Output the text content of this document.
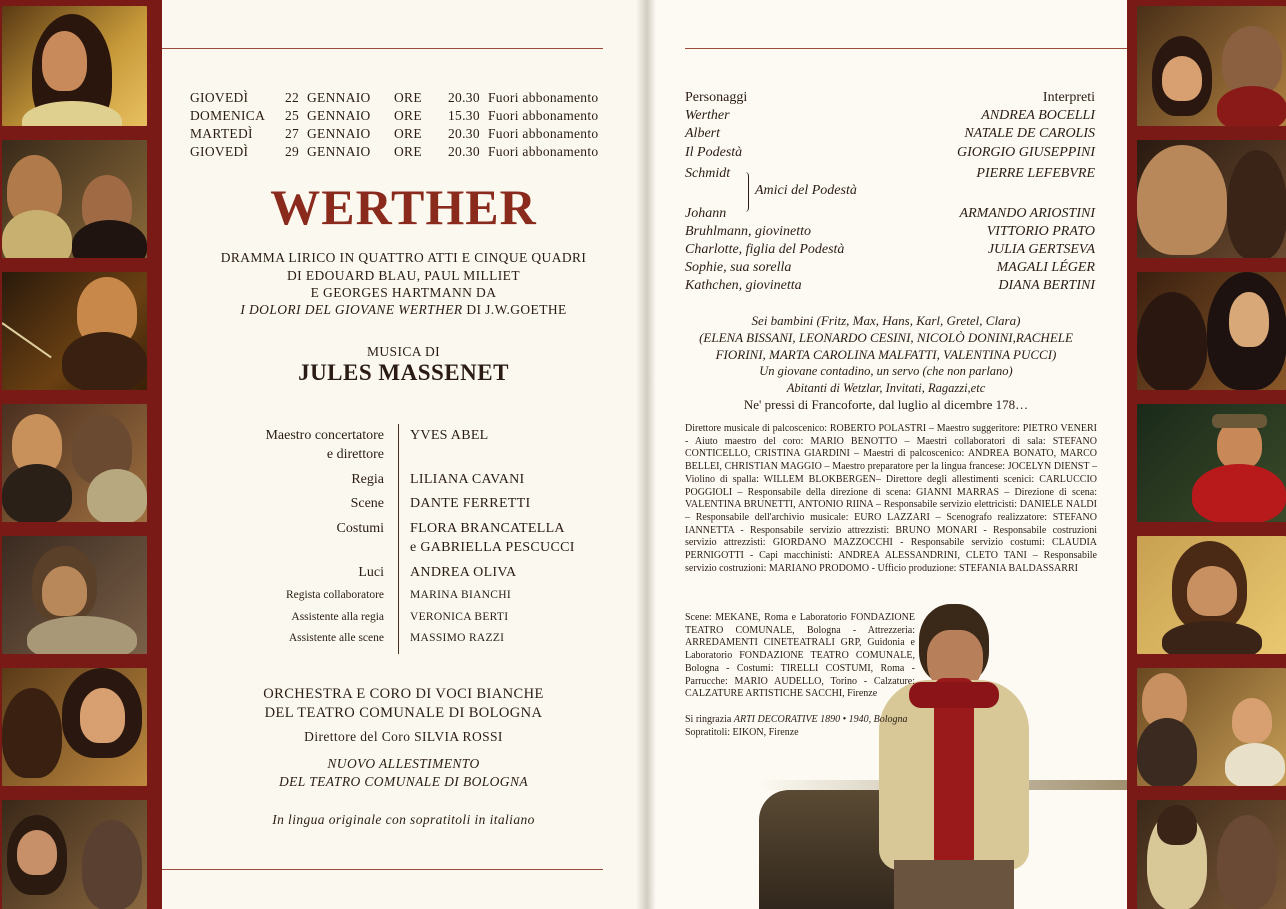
GIOVEDÌ	22 GENNAIO ORE 20.30 Fuori abbonamento
DOMENICA 25 GENNAIO ORE 15.30 Fuori abbonamento
MARTEDÌ 27 GENNAIO ORE 20.30 Fuori abbonamento
GIOVEDÌ	29 GENNAIO ORE 20.30 Fuori abbonamento
WERTHER
DRAMMA LIRICO IN QUATTRO ATTI E CINQUE QUADRI
DI EDOUARD BLAU, PAUL MILLIET
E GEORGES HARTMANN DA
I DOLORI DEL GIOVANE WERTHER DI J.W.GOETHE
MUSICA DI
JULES MASSENET
Maestro concertatore YVES ABEL
e direttore
Regia LILIANA CAVANI
Scene DANTE FERRETTI
Costumi FLORA BRANCATELLA
e GABRIELLA PESCUCCI
Luci ANDREA OLIVA
Regista collaboratore MARINA BIANCHI
Assistente alla regia VERONICA BERTI
Assistente alle scene MASSIMO RAZZI
ORCHESTRA E CORO DI VOCI BIANCHE
DEL TEATRO COMUNALE DI BOLOGNA
Direttore del Coro SILVIA ROSSI
NUOVO ALLESTIMENTO
DEL TEATRO COMUNALE DI BOLOGNA
In lingua originale con sopratitoli in italiano
Personaggi	Interpreti
Werther	ANDREA BOCELLI
Albert	NATALE DE CAROLIS
Il Podestà	GIORGIO GIUSEPPINI
Schmidt	PIERRE LEFEBVRE
Amici del Podestà
Johann	ARMANDO ARIOSTINI
Bruhlmann, giovinetto	VITTORIO PRATO
Charlotte, figlia del Podestà	JULIA GERTSEVA
Sophie, sua sorella	MAGALI LÉGER
Kathchen, giovinetta	DIANA BERTINI
Sei bambini (Fritz, Max, Hans, Karl, Gretel, Clara)
(ELENA BISSANI, LEONARDO CESINI, NICOLÒ DONINI,RACHELE
FIORINI, MARTA CAROLINA MALFATTI, VALENTINA PUCCI)
Un giovane contadino, un servo (che non parlano)
Abitanti di Wetzlar, Invitati, Ragazzi,etc
Ne' pressi di Francoforte, dal luglio al dicembre 178…
Direttore musicale di palcoscenico: ROBERTO POLASTRI – Maestro suggeritore: PIETRO VENERI - Aiuto maestro del coro: MARIO BENOTTO – Maestri collaboratori di sala: STEFANO CONTICELLO, CRISTINA GIARDINI – Maestri di palcoscenico: ANDREA BONATO, MARCO BELLEI, CHRISTIAN MAGGIO – Maestro preparatore per la lingua francese: JOCELYN DIENST – Violino di spalla: WILLEM BLOKBERGEN– Direttore degli allestimenti scenici: CARLUCCIO POGGIOLI – Responsabile della direzione di scena: GIANNI MARRAS – Direzione di scena: VALENTINA BRUNETTI, ANTONIO RIINA – Responsabile servizio elettricisti: DANIELE NALDI – Responsabile dell'archivio musicale: EURO LAZZARI – Scenografo realizzatore: STEFANO IANNETTA - Responsabile servizio attrezzisti: BRUNO MONARI - Responsabile costruzioni servizio attrezzisti: GIORDANO MAZZOCCHI - Responsabile servizio costumi: CLAUDIA PERNIGOTTI - Capi macchinisti: ANDREA ALESSANDRINI, CLETO TANI – Responsabile servizio costruzioni: MARIANO PRODOMO - Ufficio produzione: STEFANIA BALDASSARRI
Scene: MEKANE, Roma e Laboratorio FONDAZIONE TEATRO COMUNALE, Bologna - Attrezzeria: ARREDAMENTI CINETEATRALI GRP, Guidonia e Laboratorio FONDAZIONE TEATRO COMUNALE, Bologna - Costumi: TIRELLI COSTUMI, Roma - Parrucche: MARIO AUDELLO, Torino - Calzature: CALZATURE ARTISTICHE SACCHI, Firenze
Si ringrazia ARTI DECORATIVE 1890 • 1940, Bologna
Sopratitoli: EIKON, Firenze
